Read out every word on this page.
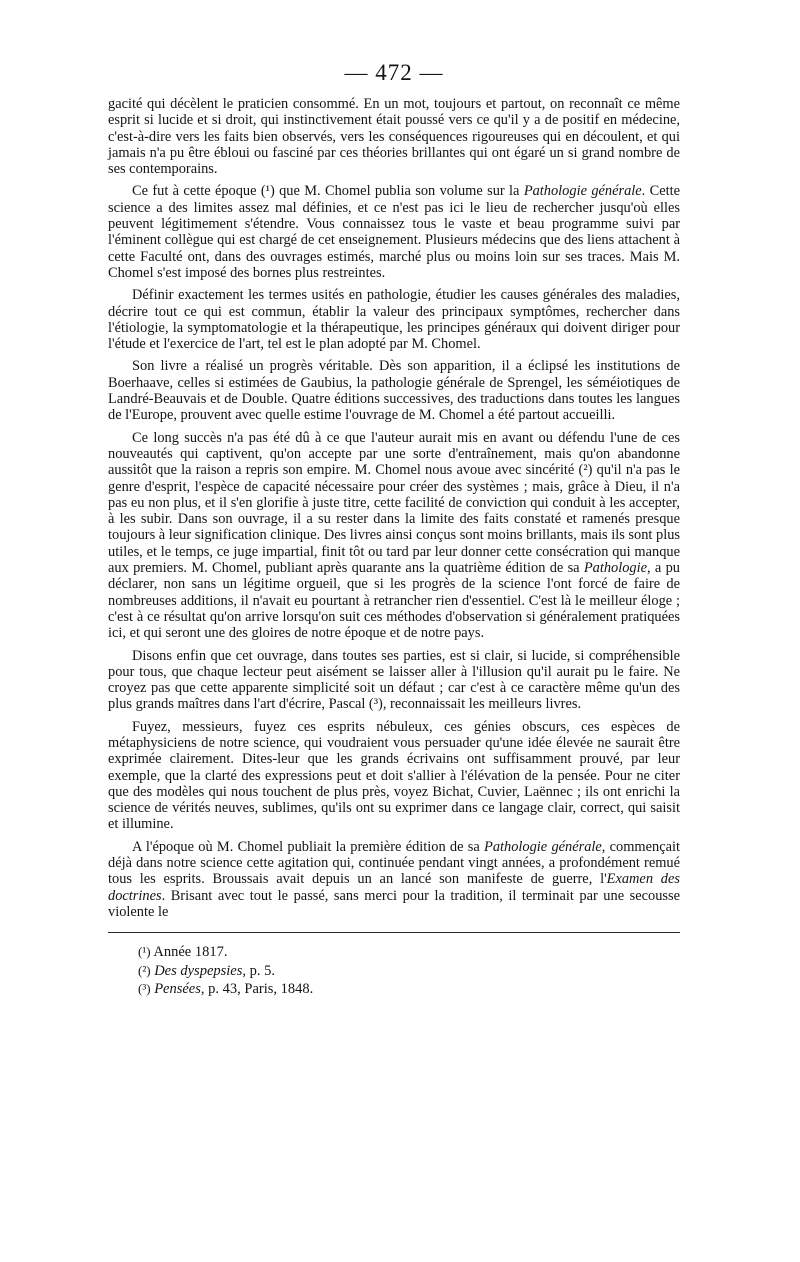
— 472 —

gacité qui décèlent le praticien consommé. En un mot, toujours et partout, on reconnaît ce même esprit si lucide et si droit, qui instinctivement était poussé vers ce qu'il y a de positif en médecine, c'est-à-dire vers les faits bien observés, vers les conséquences rigoureuses qui en découlent, et qui jamais n'a pu être ébloui ou fasciné par ces théories brillantes qui ont égaré un si grand nombre de ses contemporains.

Ce fut à cette époque (¹) que M. Chomel publia son volume sur la Pathologie générale. Cette science a des limites assez mal définies, et ce n'est pas ici le lieu de rechercher jusqu'où elles peuvent légitimement s'étendre. Vous connaissez tous le vaste et beau programme suivi par l'éminent collègue qui est chargé de cet enseignement. Plusieurs médecins que des liens attachent à cette Faculté ont, dans des ouvrages estimés, marché plus ou moins loin sur ses traces. Mais M. Chomel s'est imposé des bornes plus restreintes.

Définir exactement les termes usités en pathologie, étudier les causes générales des maladies, décrire tout ce qui est commun, établir la valeur des principaux symptômes, rechercher dans l'étiologie, la symptomatologie et la thérapeutique, les principes généraux qui doivent diriger pour l'étude et l'exercice de l'art, tel est le plan adopté par M. Chomel.

Son livre a réalisé un progrès véritable. Dès son apparition, il a éclipsé les institutions de Boerhaave, celles si estimées de Gaubius, la pathologie générale de Sprengel, les séméiotiques de Landré-Beauvais et de Double. Quatre éditions successives, des traductions dans toutes les langues de l'Europe, prouvent avec quelle estime l'ouvrage de M. Chomel a été partout accueilli.

Ce long succès n'a pas été dû à ce que l'auteur aurait mis en avant ou défendu l'une de ces nouveautés qui captivent, qu'on accepte par une sorte d'entraînement, mais qu'on abandonne aussitôt que la raison a repris son empire. M. Chomel nous avoue avec sincérité (²) qu'il n'a pas le genre d'esprit, l'espèce de capacité nécessaire pour créer des systèmes ; mais, grâce à Dieu, il n'a pas eu non plus, et il s'en glorifie à juste titre, cette facilité de conviction qui conduit à les accepter, à les subir. Dans son ouvrage, il a su rester dans la limite des faits constaté et ramenés presque toujours à leur signification clinique. Des livres ainsi conçus sont moins brillants, mais ils sont plus utiles, et le temps, ce juge impartial, finit tôt ou tard par leur donner cette consécration qui manque aux premiers. M. Chomel, publiant après quarante ans la quatrième édition de sa Pathologie, a pu déclarer, non sans un légitime orgueil, que si les progrès de la science l'ont forcé de faire de nombreuses additions, il n'avait eu pourtant à retrancher rien d'essentiel. C'est là le meilleur éloge ; c'est à ce résultat qu'on arrive lorsqu'on suit ces méthodes d'observation si généralement pratiquées ici, et qui seront une des gloires de notre époque et de notre pays.

Disons enfin que cet ouvrage, dans toutes ses parties, est si clair, si lucide, si compréhensible pour tous, que chaque lecteur peut aisément se laisser aller à l'illusion qu'il aurait pu le faire. Ne croyez pas que cette apparente simplicité soit un défaut ; car c'est à ce caractère même qu'un des plus grands maîtres dans l'art d'écrire, Pascal (³), reconnaissait les meilleurs livres.

Fuyez, messieurs, fuyez ces esprits nébuleux, ces génies obscurs, ces espèces de métaphysiciens de notre science, qui voudraient vous persuader qu'une idée élevée ne saurait être exprimée clairement. Dites-leur que les grands écrivains ont suffisamment prouvé, par leur exemple, que la clarté des expressions peut et doit s'allier à l'élévation de la pensée. Pour ne citer que des modèles qui nous touchent de plus près, voyez Bichat, Cuvier, Laënnec ; ils ont enrichi la science de vérités neuves, sublimes, qu'ils ont su exprimer dans ce langage clair, correct, qui saisit et illumine.

A l'époque où M. Chomel publiait la première édition de sa Pathologie générale, commençait déjà dans notre science cette agitation qui, continuée pendant vingt années, a profondément remué tous les esprits. Broussais avait depuis un an lancé son manifeste de guerre, l'Examen des doctrines. Brisant avec tout le passé, sans merci pour la tradition, il terminait par une secousse violente le

(¹) Année 1817.
(²) Des dyspepsies, p. 5.
(³) Pensées, p. 43, Paris, 1848.
